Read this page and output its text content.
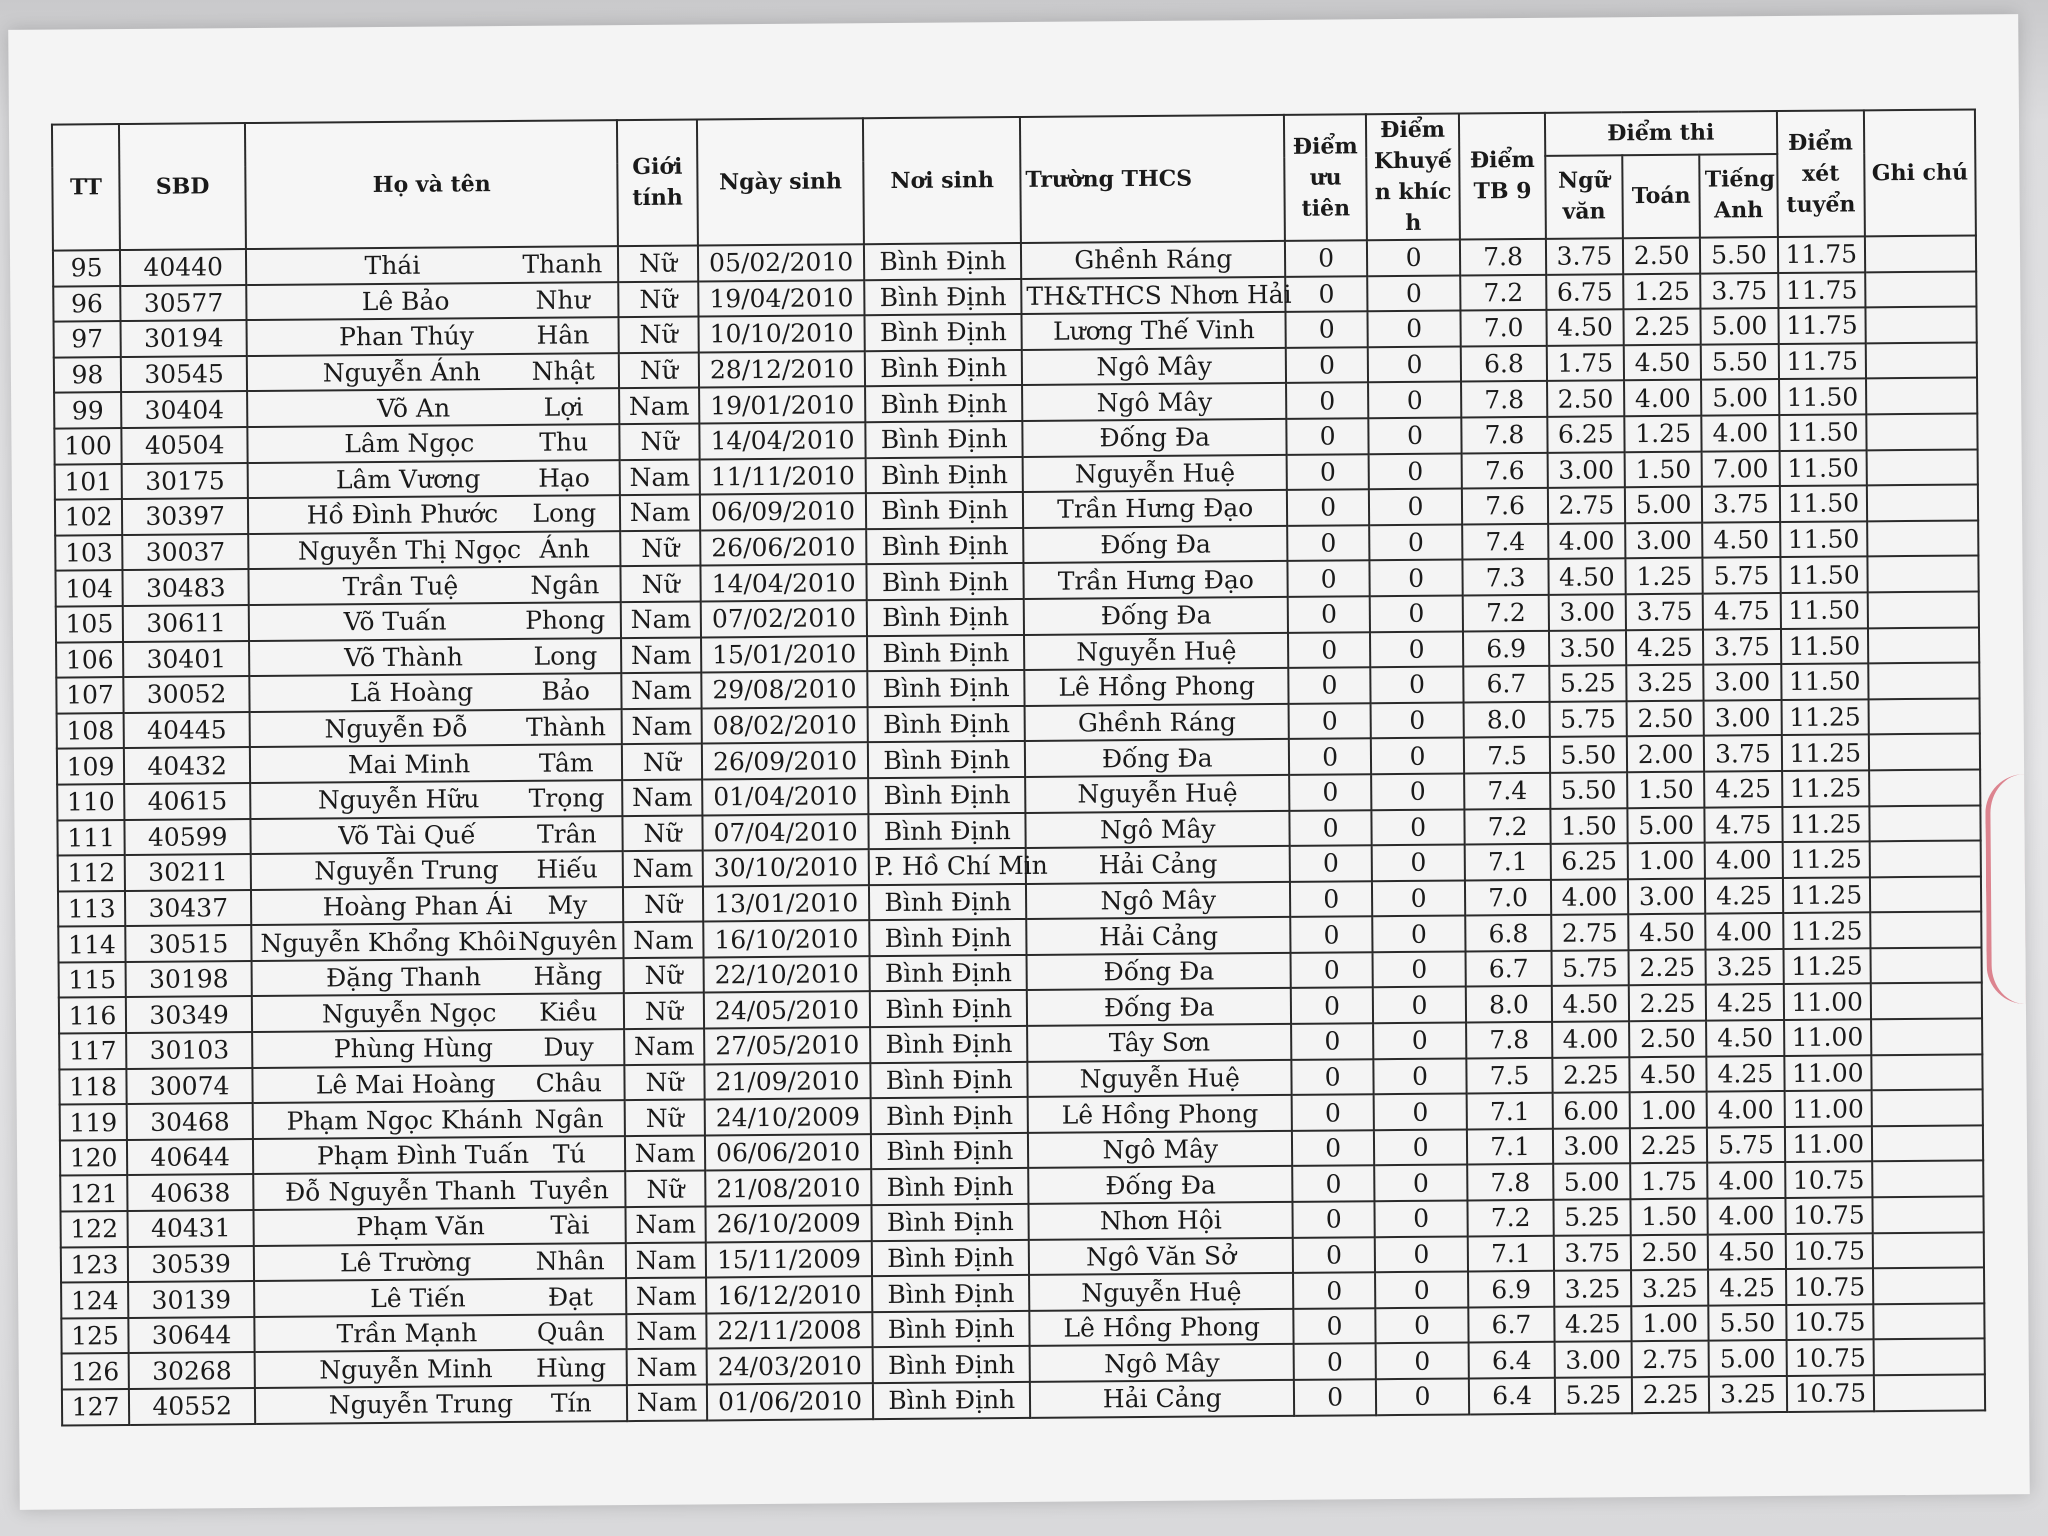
TT	SBD	Họ và tên	Giới tính	Ngày sinh	Nơi sinh	Trường THCS	Điểm ưu tiên	Điểm Khuyến khích	Điểm TB 9	Điểm thi			Điểm xét tuyển	Ghi chú
										Ngữ văn	Toán	Tiếng Anh		
95	40440	Thái Thanh	Nữ	05/02/2010	Bình Định	Ghềnh Ráng	0	0	7.8	3.75	2.50	5.50	11.75	
96	30577	Lê Bảo Như	Nữ	19/04/2010	Bình Định	TH&THCS Nhơn Hải	0	0	7.2	6.75	1.25	3.75	11.75	
97	30194	Phan Thúy Hân	Nữ	10/10/2010	Bình Định	Lương Thế Vinh	0	0	7.0	4.50	2.25	5.00	11.75	
98	30545	Nguyễn Ánh Nhật	Nữ	28/12/2010	Bình Định	Ngô Mây	0	0	6.8	1.75	4.50	5.50	11.75	
99	30404	Võ An Lợi	Nam	19/01/2010	Bình Định	Ngô Mây	0	0	7.8	2.50	4.00	5.00	11.50	
100	40504	Lâm Ngọc Thu	Nữ	14/04/2010	Bình Định	Đống Đa	0	0	7.8	6.25	1.25	4.00	11.50	
101	30175	Lâm Vương Hạo	Nam	11/11/2010	Bình Định	Nguyễn Huệ	0	0	7.6	3.00	1.50	7.00	11.50	
102	30397	Hồ Đình Phước Long	Nam	06/09/2010	Bình Định	Trần Hưng Đạo	0	0	7.6	2.75	5.00	3.75	11.50	
103	30037	Nguyễn Thị Ngọc Ánh	Nữ	26/06/2010	Bình Định	Đống Đa	0	0	7.4	4.00	3.00	4.50	11.50	
104	30483	Trần Tuệ Ngân	Nữ	14/04/2010	Bình Định	Trần Hưng Đạo	0	0	7.3	4.50	1.25	5.75	11.50	
105	30611	Võ Tuấn Phong	Nam	07/02/2010	Bình Định	Đống Đa	0	0	7.2	3.00	3.75	4.75	11.50	
106	30401	Võ Thành Long	Nam	15/01/2010	Bình Định	Nguyễn Huệ	0	0	6.9	3.50	4.25	3.75	11.50	
107	30052	Lã Hoàng Bảo	Nam	29/08/2010	Bình Định	Lê Hồng Phong	0	0	6.7	5.25	3.25	3.00	11.50	
108	40445	Nguyễn Đỗ Thành	Nam	08/02/2010	Bình Định	Ghềnh Ráng	0	0	8.0	5.75	2.50	3.00	11.25	
109	40432	Mai Minh Tâm	Nữ	26/09/2010	Bình Định	Đống Đa	0	0	7.5	5.50	2.00	3.75	11.25	
110	40615	Nguyễn Hữu Trọng	Nam	01/04/2010	Bình Định	Nguyễn Huệ	0	0	7.4	5.50	1.50	4.25	11.25	
111	40599	Võ Tài Quế Trân	Nữ	07/04/2010	Bình Định	Ngô Mây	0	0	7.2	1.50	5.00	4.75	11.25	
112	30211	Nguyễn Trung Hiếu	Nam	30/10/2010	P. Hồ Chí Min	Hải Cảng	0	0	7.1	6.25	1.00	4.00	11.25	
113	30437	Hoàng Phan Ái My	Nữ	13/01/2010	Bình Định	Ngô Mây	0	0	7.0	4.00	3.00	4.25	11.25	
114	30515	Nguyễn Khổng KhôiNguyên	Nam	16/10/2010	Bình Định	Hải Cảng	0	0	6.8	2.75	4.50	4.00	11.25	
115	30198	Đặng Thanh Hằng	Nữ	22/10/2010	Bình Định	Đống Đa	0	0	6.7	5.75	2.25	3.25	11.25	
116	30349	Nguyễn Ngọc Kiều	Nữ	24/05/2010	Bình Định	Đống Đa	0	0	8.0	4.50	2.25	4.25	11.00	
117	30103	Phùng Hùng Duy	Nam	27/05/2010	Bình Định	Tây Sơn	0	0	7.8	4.00	2.50	4.50	11.00	
118	30074	Lê Mai Hoàng Châu	Nữ	21/09/2010	Bình Định	Nguyễn Huệ	0	0	7.5	2.25	4.50	4.25	11.00	
119	30468	Phạm Ngọc Khánh Ngân	Nữ	24/10/2009	Bình Định	Lê Hồng Phong	0	0	7.1	6.00	1.00	4.00	11.00	
120	40644	Phạm Đình Tuấn Tú	Nam	06/06/2010	Bình Định	Ngô Mây	0	0	7.1	3.00	2.25	5.75	11.00	
121	40638	Đỗ Nguyễn Thanh Tuyền	Nữ	21/08/2010	Bình Định	Đống Đa	0	0	7.8	5.00	1.75	4.00	10.75	
122	40431	Phạm Văn Tài	Nam	26/10/2009	Bình Định	Nhơn Hội	0	0	7.2	5.25	1.50	4.00	10.75	
123	30539	Lê Trường Nhân	Nam	15/11/2009	Bình Định	Ngô Văn Sở	0	0	7.1	3.75	2.50	4.50	10.75	
124	30139	Lê Tiến Đạt	Nam	16/12/2010	Bình Định	Nguyễn Huệ	0	0	6.9	3.25	3.25	4.25	10.75	
125	30644	Trần Mạnh Quân	Nam	22/11/2008	Bình Định	Lê Hồng Phong	0	0	6.7	4.25	1.00	5.50	10.75	
126	30268	Nguyễn Minh Hùng	Nam	24/03/2010	Bình Định	Ngô Mây	0	0	6.4	3.00	2.75	5.00	10.75	
127	40552	Nguyễn Trung Tín	Nam	01/06/2010	Bình Định	Hải Cảng	0	0	6.4	5.25	2.25	3.25	10.75	
